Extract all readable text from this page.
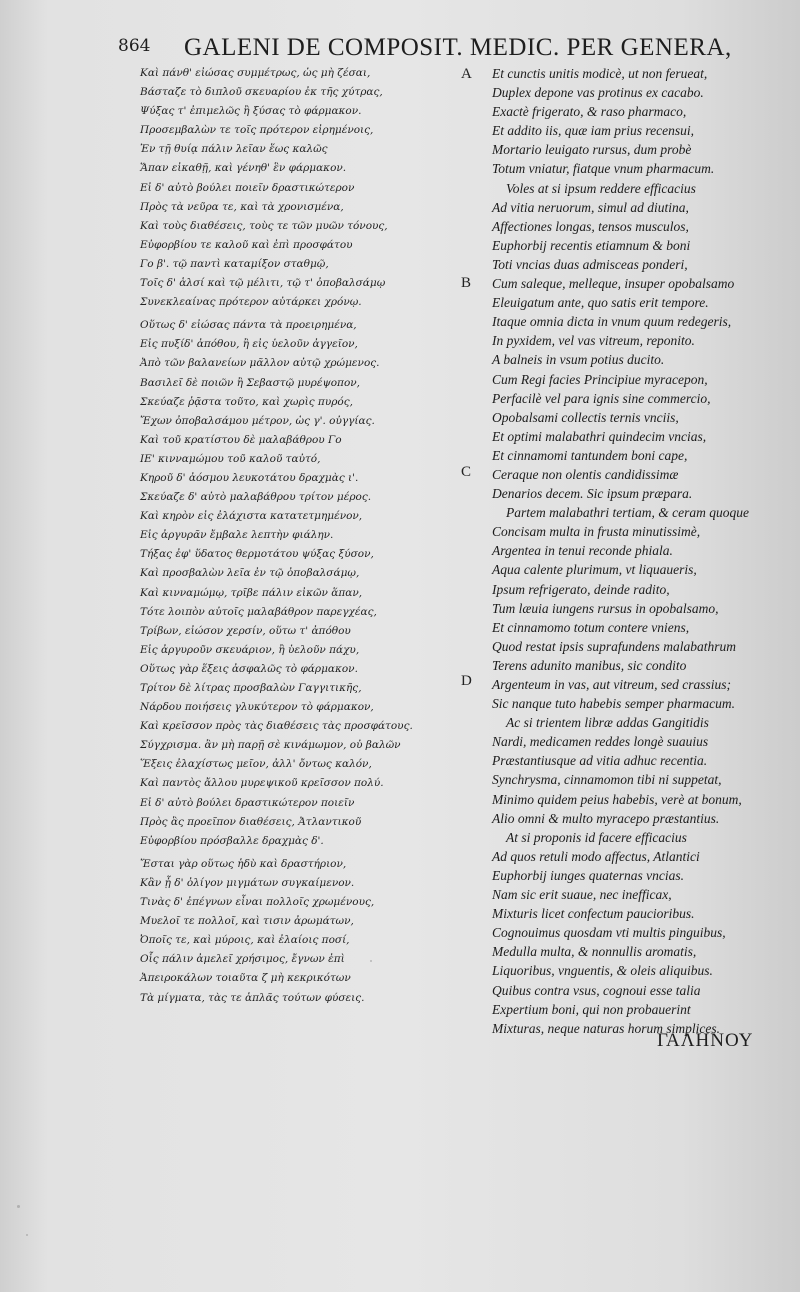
864 GALENI DE COMPOSIT. MEDIC. PER GENERA,
Καὶ πάνθ' εἰώσας συμμέτρως, ὡς μὴ ζέσαι,
Βάσταζε τὸ διπλοῦ σκευαρίου ἐκ τῆς χύτρας,
Ψύξας τ' ἐπιμελῶς ἢ ξύσας τὸ φάρμακον.
Προσεμβαλὼν τε τοῖς πρότερον εἰρημένοις,
Ἐν τῇ θυίᾳ πάλιν λεῖαν ἕως καλῶς
Ἅπαν εἰκαθῇ, καὶ γένηθ' ἓν φάρμακον.
Εἰ δ' αὐτὸ βούλει ποιεῖν δραστικώτερον
Πρὸς τὰ νεῦρα τε, καὶ τὰ χρονισμένα,
Καὶ τοὺς διαθέσεις, τοὺς τε τῶν μυῶν τόνους,
Εὐφορβίου τε καλοῦ καὶ ἐπὶ προσφάτου
Γο β'. τῷ παντὶ καταμίξον σταθμῷ,
Τοῖς δ' ἁλσί καὶ τῷ μέλιτι, τῷ τ' ὀποβαλσάμῳ
Συνεκλεαίνας πρότερον αὐτάρκει χρόνῳ.
Οὕτως δ' εἰώσας πάντα τὰ προειρημένα,
Εἰς πυξίδ' ἀπόθου, ἢ εἰς ὑελοῦν ἀγγεῖον,
Ἀπὸ τῶν βαλανείων μᾶλλον αὐτῷ χρώμενος.
Βασιλεῖ δὲ ποιῶν ἢ Σεβαστῷ μυρέψοπον,
Σκεύαζε ῥᾷστα τοῦτο, καὶ χωρὶς πυρός,
Ἔχων ὀποβαλσάμου μέτρον, ὡς γ'. οὐγγίας.
Καὶ τοῦ κρατίστου δὲ μαλαβάθρου Γο
ΙΕ' κινναμώμου τοῦ καλοῦ ταὐτό,
Κηροῦ δ' ἀόσμου λευκοτάτου δραχμὰς ι'.
Σκεύαζε δ' αὐτὸ μαλαβάθρου τρίτον μέρος.
Καὶ κηρὸν εἰς ἐλάχιστα κατατετμημένον,
Εἰς ἀργυρᾶν ἔμβαλε λεπτὴν φιάλην.
Τήξας ἐφ' ὕδατος θερμοτάτου ψύξας ξύσον,
Καὶ προσβαλὼν λεῖα ἐν τῷ ὀποβαλσάμῳ,
Καὶ κινναμώμῳ, τρῖβε πάλιν εἰκῶν ἅπαν,
Τότε λοιπὸν αὐτοῖς μαλαβάθρον παρεγχέας,
Τρίβων, εἰώσον χερσίν, οὕτω τ' ἀπόθου
Εἰς ἀργυροῦν σκευάριον, ἢ ὑελοῦν πάχυ,
Οὕτως γὰρ ἕξεις ἀσφαλῶς τὸ φάρμακον.
Τρίτον δὲ λίτρας προσβαλὼν Γαγγιτικῆς,
Νάρδου ποιήσεις γλυκύτερον τὸ φάρμακον,
Καὶ κρεῖσσον πρὸς τὰς διαθέσεις τὰς προσφάτους.
Σύγχρισμα. ἂν μὴ παρῇ σὲ κινάμωμον, οὐ βαλῶν
Ἕξεις ἐλαχίστως μεῖον, ἀλλ' ὄντως καλόν,
Καὶ παντὸς ἄλλου μυρεψικοῦ κρεῖσσον πολύ.
Εἰ δ' αὐτὸ βούλει δραστικώτερον ποιεῖν
Πρὸς ἃς προεῖπον διαθέσεις, Ἀτλαντικοῦ
Εὐφορβίου πρόσβαλλε δραχμὰς δ'.
Ἔσται γὰρ οὕτως ἡδὺ καὶ δραστήριον,
Κἂν ᾖ δ' ὀλίγον μιγμάτων συγκαίμενον.
Τινὰς δ' ἐπέγνων εἶναι πολλοῖς χρωμένους,
Μυελοῖ τε πολλοῖ, καὶ τισιν ἀρωμάτων,
Ὀποῖς τε, καὶ μύροις, καὶ ἐλαίοις ποσί,
Οἷς πάλιν ἀμελεῖ χρήσιμος, ἔγνων ἐπὶ
Ἀπειροκάλων τοιαῦτα ζ μὴ κεκρικότων
Τὰ μίγματα, τὰς τε ἁπλᾶς τούτων φύσεις.
A
B
C
D
Et cunctis unitis modicè, ut non ferueat,
Duplex depone vas protinus ex cacabo.
Exactè frigerato, & raso pharmaco,
Et addito iis, quæ iam prius recensui,
Mortario leuigato rursus, dum probè
Totum vniatur, fiatque vnum pharmacum.
Voles at si ipsum reddere efficacius
Ad vitia neruorum, simul ad diutina,
Affectiones longas, tensos musculos,
Euphorbij recentis etiamnum & boni
Toti vncias duas admisceas ponderi,
Cum saleque, melleque, insuper opobalsamo
Eleuigatum ante, quo satis erit tempore.
Itaque omnia dicta in vnum quum redegeris,
In pyxidem, vel vas vitreum, reponito.
A balneis in vsum potius ducito.
Cum Regi facies Principiue myracepon,
Perfacilè vel para ignis sine commercio,
Opobalsami collectis ternis vnciis,
Et optimi malabathri quindecim vncias,
Et cinnamomi tantundem boni cape,
Ceraque non olentis candidissimæ
Denarios decem. Sic ipsum præpara.
Partem malabathri tertiam, & ceram quoque
Concisam multa in frusta minutissimè,
Argentea in tenui reconde phiala.
Aqua calente plurimum, vt liquaueris,
Ipsum refrigerato, deinde radito,
Tum læuia iungens rursus in opobalsamo,
Et cinnamomo totum contere vniens,
Quod restat ipsis suprafundens malabathrum
Terens adunito manibus, sic condito
Argenteum in vas, aut vitreum, sed crassius;
Sic nanque tuto habebis semper pharmacum.
Ac si trientem libræ addas Gangitidis
Nardi, medicamen reddes longè suauius
Præstantiusque ad vitia adhuc recentia.
Synchrysma, cinnamomon tibi ni suppetat,
Minimo quidem peius habebis, verè at bonum,
Alio omni & multo myracepo præstantius.
At si proponis id facere efficacius
Ad quos retuli modo affectus, Atlantici
Euphorbij iunges quaternas vncias.
Nam sic erit suaue, nec inefficax,
Mixturis licet confectum paucioribus.
Cognouimus quosdam vti multis pinguibus,
Medulla multa, & nonnullis aromatis,
Liquoribus, vnguentis, & oleis aliquibus.
Quibus contra vsus, cognoui esse talia
Expertium boni, qui non probauerint
Mixturas, neque naturas horum simplices.
ΓΑΛΗΝΟΥ
